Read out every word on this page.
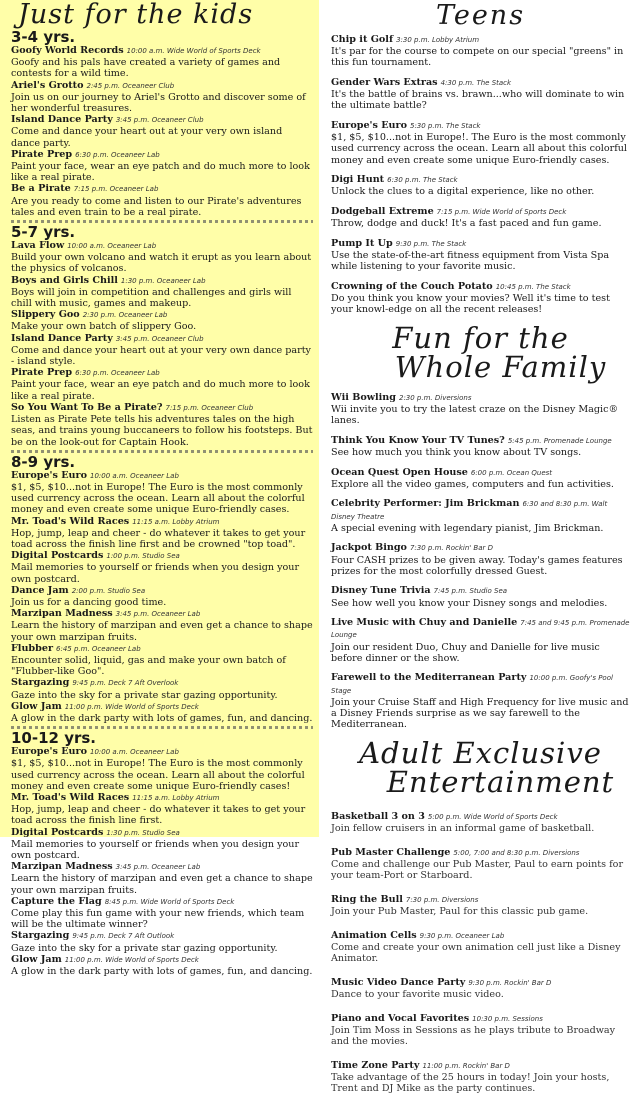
Just for the kids
3-4 yrs.
Goofy World Records 10:00 a.m. Wide World of Sports Deck
Goofy and his pals have created a variety of games and contests for a wild time.
Ariel's Grotto 2:45 p.m. Oceaneer Club
Join us on our journey to Ariel's Grotto and discover some of her wonderful treasures.
Island Dance Party 3:45 p.m. Oceaneer Club
Come and dance your heart out at your very own island dance party.
Pirate Prep 6:30 p.m. Oceaneer Lab
Paint your face, wear an eye patch and do much more to look like a real pirate.
Be a Pirate 7:15 p.m. Oceaneer Lab
Are you ready to come and listen to our Pirate's adventures tales and even train to be a real pirate.
5-7 yrs.
Lava Flow 10:00 a.m. Oceaneer Lab
Build your own volcano and watch it erupt as you learn about the physics of volcanos.
Boys and Girls Chill 1:30 p.m. Oceaneer Lab
Boys will join in competition and challenges and girls will chill with music, games and makeup.
Slippery Goo 2:30 p.m. Oceaneer Lab
Make your own batch of slippery Goo.
Island Dance Party 3:45 p.m. Oceaneer Club
Come and dance your heart out at your very own dance party - island style.
Pirate Prep 6:30 p.m. Oceaneer Lab
Paint your face, wear an eye patch and do much more to look like a real pirate.
So You Want To Be a Pirate? 7:15 p.m. Oceaneer Club
Listen as Pirate Pete tells his adventures tales on the high seas, and trains young buccaneers to follow his footsteps. But be on the look-out for Captain Hook.
8-9 yrs.
Europe's Euro 10:00 a.m. Oceaneer Lab
$1, $5, $10...not in Europe! The Euro is the most commonly used currency across the ocean. Learn all about the colorful money and even create some unique Euro-friendly cases.
Mr. Toad's Wild Races 11:15 a.m. Lobby Atrium
Hop, jump, leap and cheer - do whatever it takes to get your toad across the finish line first and be crowned "top toad".
Digital Postcards 1:00 p.m. Studio Sea
Mail memories to yourself or friends when you design your own postcard.
Dance Jam 2:00 p.m. Studio Sea
Join us for a dancing good time.
Marzipan Madness 3:45 p.m. Oceaneer Lab
Learn the history of marzipan and even get a chance to shape your own marzipan fruits.
Flubber 6:45 p.m. Oceaneer Lab
Encounter solid, liquid, gas and make your own batch of "Flubber-like Goo".
Stargazing 9:45 p.m. Deck 7 Aft Overlook
Gaze into the sky for a private star gazing opportunity.
Glow Jam 11:00 p.m. Wide World of Sports Deck
A glow in the dark party with lots of games, fun, and dancing.
10-12 yrs.
Europe's Euro 10:00 a.m. Oceaneer Lab
$1, $5, $10...not in Europe! The Euro is the most commonly used currency across the ocean. Learn all about the colorful money and even create some unique Euro-friendly cases!
Mr. Toad's Wild Races 11:15 a.m. Lobby Atrium
Hop, jump, leap and cheer - do whatever it takes to get your toad across the finish line first.
Digital Postcards 1:30 p.m. Studio Sea
Mail memories to yourself or friends when you design your own postcard.
Marzipan Madness 3:45 p.m. Oceaneer Lab
Learn the history of marzipan and even get a chance to shape your own marzipan fruits.
Capture the Flag 8:45 p.m. Wide World of Sports Deck
Come play this fun game with your new friends, which team will be the ultimate winner?
Stargazing 9:45 p.m. Deck 7 Aft Outlook
Gaze into the sky for a private star gazing opportunity.
Glow Jam 11:00 p.m. Wide World of Sports Deck
A glow in the dark party with lots of games, fun, and dancing.
Teens
Chip it Golf 3:30 p.m. Lobby Atrium
It's par for the course to compete on our special "greens" in this fun tournament.
Gender Wars Extras 4:30 p.m. The Stack
It's the battle of brains vs. brawn...who will dominate to win the ultimate battle?
Europe's Euro 5:30 p.m. The Stack
$1, $5, $10...not in Europe!. The Euro is the most commonly used currency across the ocean. Learn all about this colorful money and even create some unique Euro-friendly cases.
Digi Hunt 6:30 p.m. The Stack
Unlock the clues to a digital experience, like no other.
Dodgeball Extreme 7:15 p.m. Wide World of Sports Deck
Throw, dodge and duck! It's a fast paced and fun game.
Pump It Up 9:30 p.m. The Stack
Use the state-of-the-art fitness equipment from Vista Spa while listening to your favorite music.
Crowning of the Couch Potato 10:45 p.m. The Stack
Do you think you know your movies? Well it's time to test your knowl-edge on all the recent releases!
Fun for the
Whole Family
Wii Bowling 2:30 p.m. Diversions
Wii invite you to try the latest craze on the Disney Magic® lanes.
Think You Know Your TV Tunes? 5:45 p.m. Promenade Lounge
See how much you think you know about TV songs.
Ocean Quest Open House 6:00 p.m. Ocean Quest
Explore all the video games, computers and fun activities.
Celebrity Performer: Jim Brickman 6:30 and 8:30 p.m. Walt Disney Theatre
A special evening with legendary pianist, Jim Brickman.
Jackpot Bingo 7:30 p.m. Rockin' Bar D
Four CASH prizes to be given away. Today's games features prizes for the most colorfully dressed Guest.
Disney Tune Trivia 7:45 p.m. Studio Sea
See how well you know your Disney songs and melodies.
Live Music with Chuy and Danielle 7:45 and 9:45 p.m. Promenade Lounge
Join our resident Duo, Chuy and Danielle for live music before dinner or the show.
Farewell to the Mediterranean Party 10:00 p.m. Goofy's Pool Stage
Join your Cruise Staff and High Frequency for live music and a Disney Friends surprise as we say farewell to the Mediterranean.
Adult Exclusive
Entertainment
Basketball 3 on 3 5:00 p.m. Wide World of Sports Deck
Join fellow cruisers in an informal game of basketball.
Pub Master Challenge 5:00, 7:00 and 8:30 p.m. Diversions
Come and challenge our Pub Master, Paul to earn points for your team-Port or Starboard.
Ring the Bull 7:30 p.m. Diversions
Join your Pub Master, Paul for this classic pub game.
Animation Cells 9:30 p.m. Oceaneer Lab
Come and create your own animation cell just like a Disney Animator.
Music Video Dance Party 9:30 p.m. Rockin' Bar D
Dance to your favorite music video.
Piano and Vocal Favorites 10:30 p.m. Sessions
Join Tim Moss in Sessions as he plays tribute to Broadway and the movies.
Time Zone Party 11:00 p.m. Rockin' Bar D
Take advantage of the 25 hours in today! Join your hosts, Trent and DJ Mike as the party continues.
